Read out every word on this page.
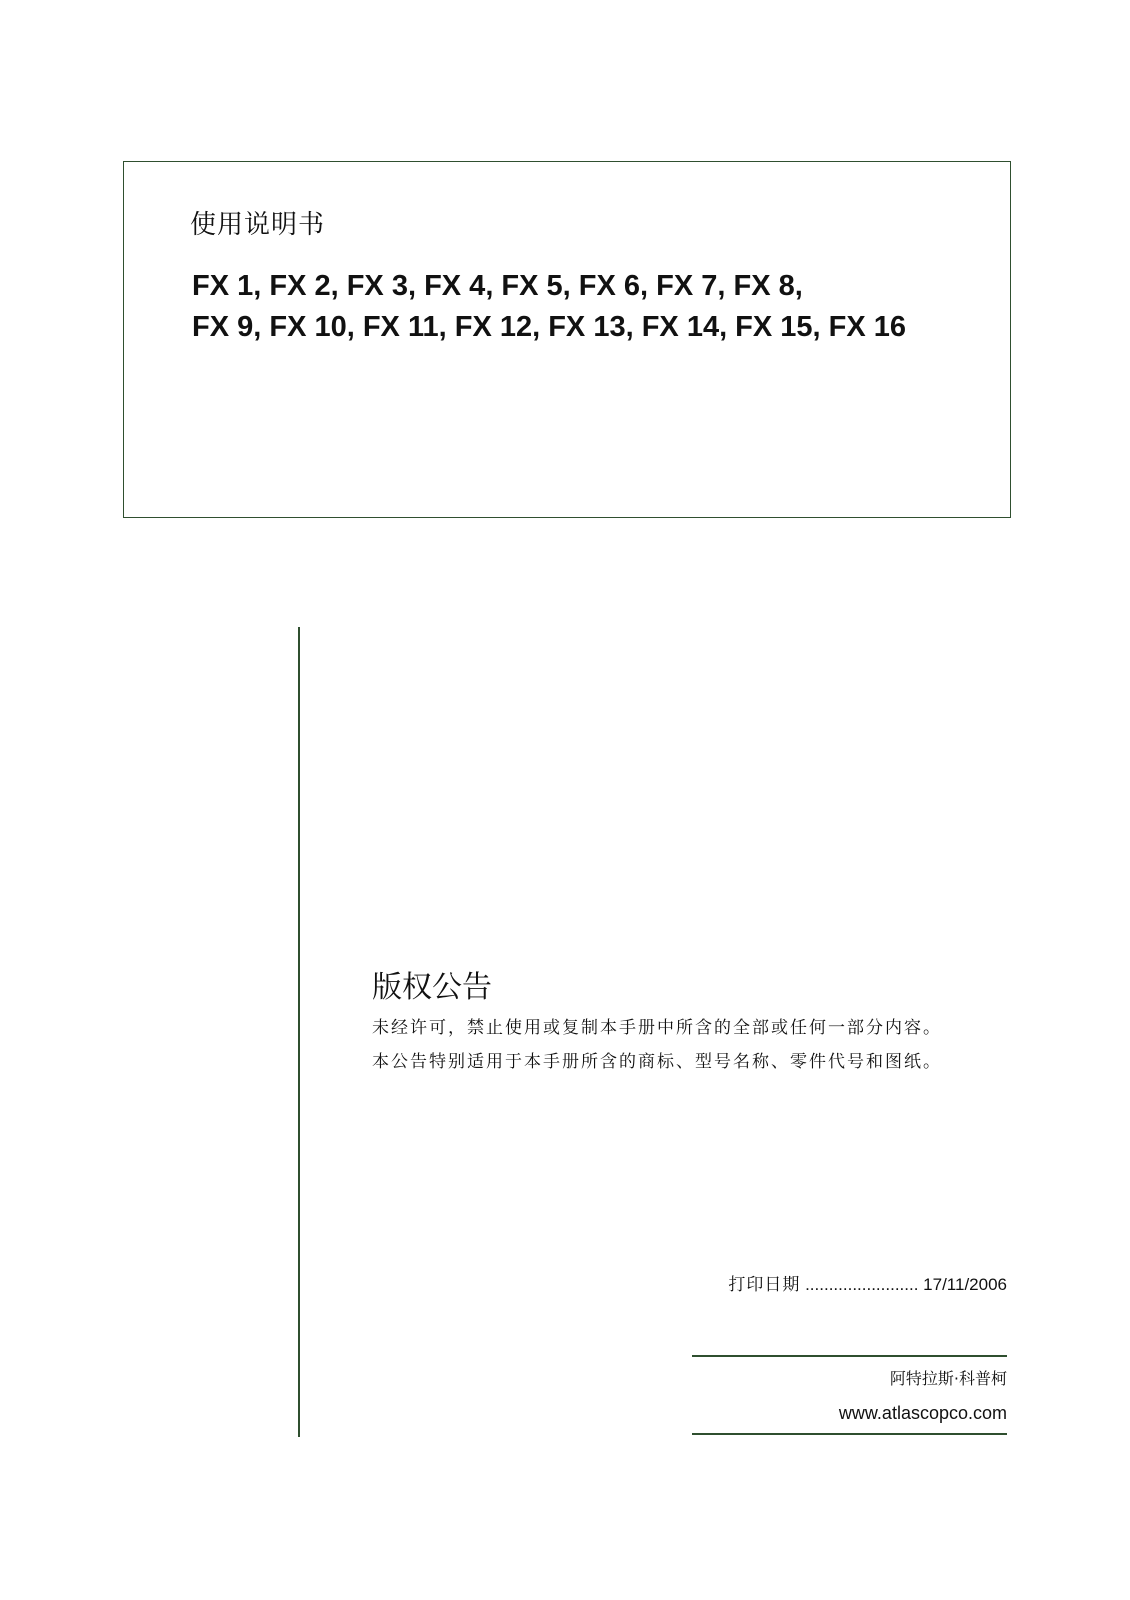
使用说明书
FX 1, FX 2, FX 3, FX 4, FX 5, FX 6, FX 7, FX 8,
FX 9, FX 10, FX 11, FX 12, FX 13, FX 14, FX 15, FX 16
版权公告
未经许可，禁止使用或复制本手册中所含的全部或任何一部分内容。
本公告特别适用于本手册所含的商标、型号名称、零件代号和图纸。
打印日期 ........................ 17/11/2006
阿特拉斯·科普柯
www.atlascopco.com
